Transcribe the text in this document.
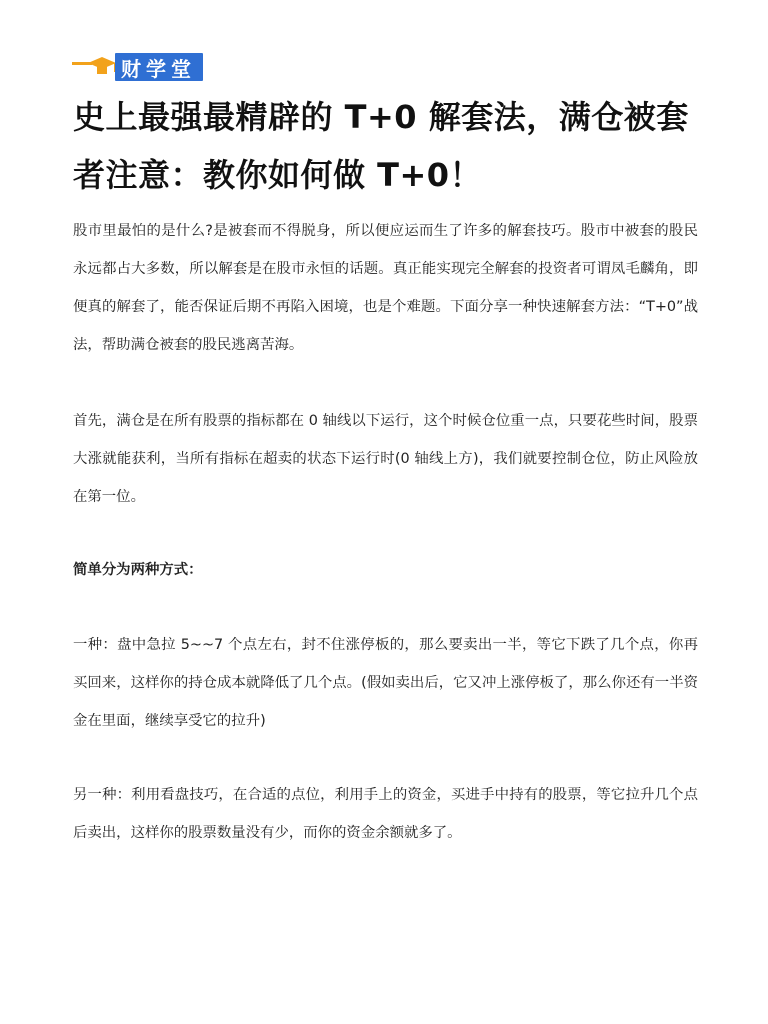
财学堂
史上最强最精辟的 T+0 解套法，满仓被套者注意：教你如何做 T+0！

股市里最怕的是什么?是被套而不得脱身，所以便应运而生了许多的解套技巧。股市中被套的股民永远都占大多数，所以解套是在股市永恒的话题。真正能实现完全解套的投资者可谓凤毛麟角，即便真的解套了，能否保证后期不再陷入困境，也是个难题。下面分享一种快速解套方法：“T+0”战法，帮助满仓被套的股民逃离苦海。

首先，满仓是在所有股票的指标都在 0 轴线以下运行，这个时候仓位重一点，只要花些时间，股票大涨就能获利，当所有指标在超卖的状态下运行时(0 轴线上方)，我们就要控制仓位，防止风险放在第一位。

简单分为两种方式：

一种：盘中急拉 5~~7 个点左右，封不住涨停板的，那么要卖出一半，等它下跌了几个点，你再买回来，这样你的持仓成本就降低了几个点。(假如卖出后，它又冲上涨停板了，那么你还有一半资金在里面，继续享受它的拉升)

另一种：利用看盘技巧，在合适的点位，利用手上的资金，买进手中持有的股票，等它拉升几个点后卖出，这样你的股票数量没有少，而你的资金余额就多了。
